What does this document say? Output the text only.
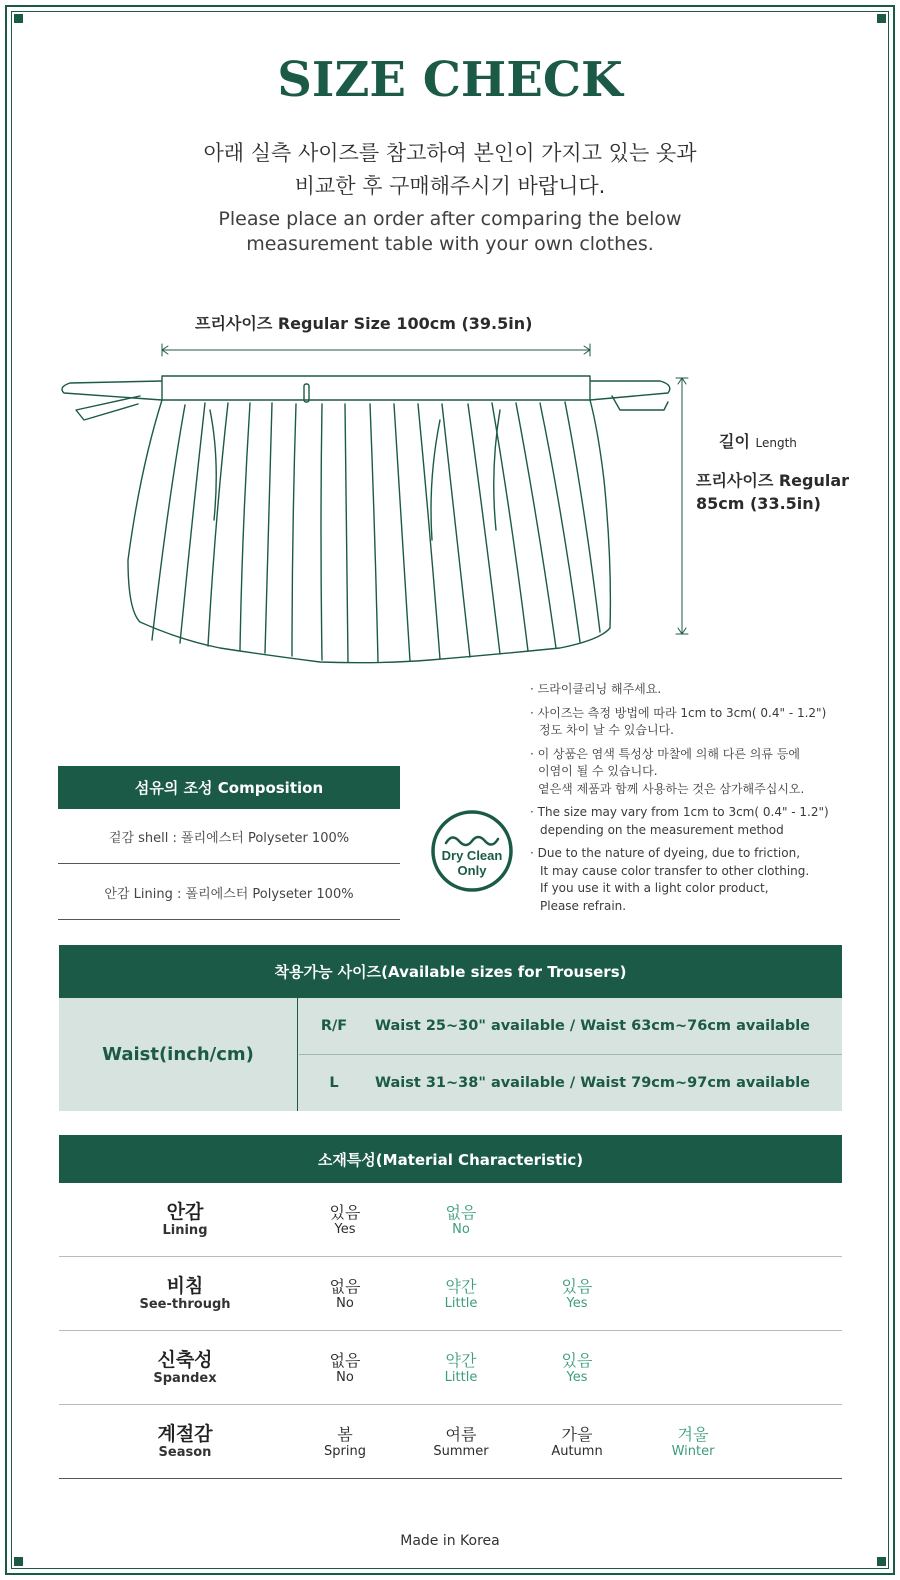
SIZE CHECK
아래 실측 사이즈를 참고하여 본인이 가지고 있는 옷과
비교한 후 구매해주시기 바랍니다.
Please place an order after comparing the below
measurement table with your own clothes.
프리사이즈 Regular Size 100cm (39.5in)
길이 Length
프리사이즈 Regular
85cm (33.5in)
· 드라이클리닝 해주세요.
· 사이즈는 측정 방법에 따라 1cm to 3cm( 0.4" - 1.2")
정도 차이 날 수 있습니다.
· 이 상품은 염색 특성상 마찰에 의해 다른 의류 등에
이염이 될 수 있습니다.
옅은색 제품과 함께 사용하는 것은 삼가해주십시오.
· The size may vary from 1cm to 3cm( 0.4" - 1.2")
depending on the measurement method
· Due to the nature of dyeing, due to friction,
It may cause color transfer to other clothing.
If you use it with a light color product,
Please refrain.
섬유의 조성 Composition
겉감 shell : 폴리에스터 Polyseter 100%
안감 Lining : 폴리에스터 Polyseter 100%
Dry Clean
Only
착용가능 사이즈(Available sizes for Trousers)
Waist(inch/cm)
R/F	Waist 25~30" available / Waist 63cm~76cm available
L	Waist 31~38" available / Waist 79cm~97cm available
소재특성(Material Characteristic)
안감
Lining
있음
Yes
없음
No
비침
See-through
없음
No
약간
Little
있음
Yes
신축성
Spandex
없음
No
약간
Little
있음
Yes
계절감
Season
봄
Spring
여름
Summer
가을
Autumn
겨울
Winter
Made in Korea
